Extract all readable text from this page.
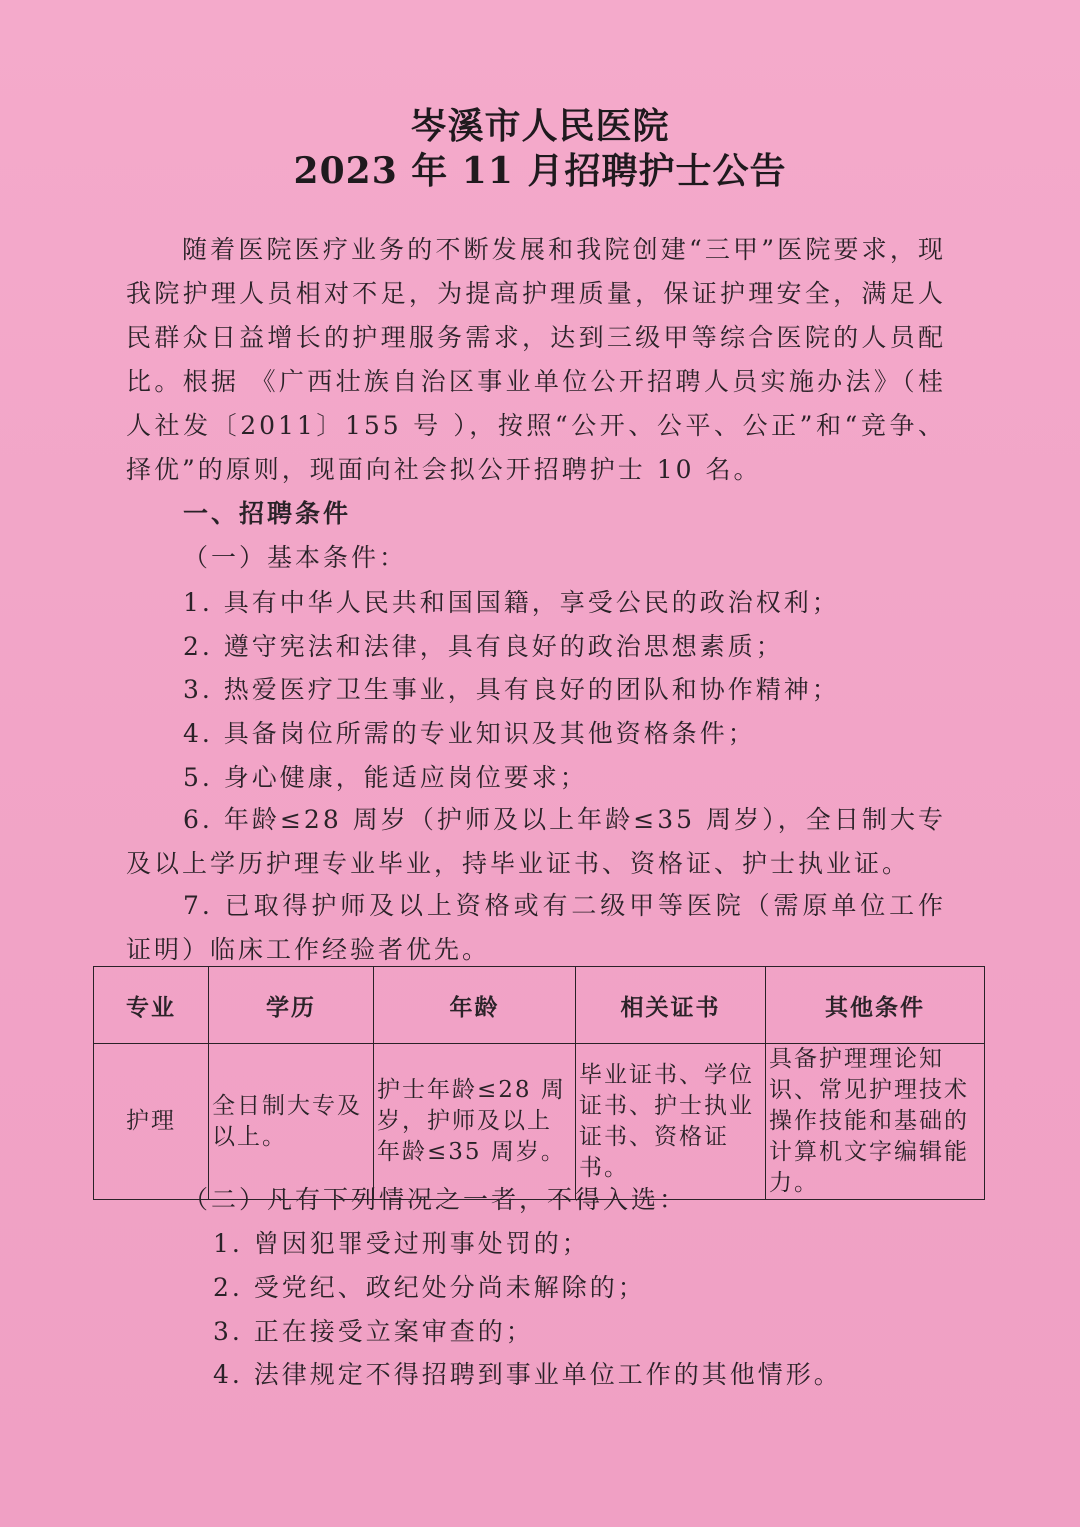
岑溪市人民医院
2023 年 11 月招聘护士公告
随着医院医疗业务的不断发展和我院创建“三甲”医院要求，现我院护理人员相对不足，为提高护理质量，保证护理安全，满足人民群众日益增长的护理服务需求，达到三级甲等综合医院的人员配比。根据 《广西壮族自治区事业单位公开招聘人员实施办法》（桂人社发〔2011〕155 号 ），按照“公开、公平、公正”和“竞争、择优”的原则，现面向社会拟公开招聘护士 10 名。
一、招聘条件
（一）基本条件：
1. 具有中华人民共和国国籍，享受公民的政治权利；
2. 遵守宪法和法律，具有良好的政治思想素质；
3. 热爱医疗卫生事业，具有良好的团队和协作精神；
4. 具备岗位所需的专业知识及其他资格条件；
5. 身心健康，能适应岗位要求；
6. 年龄≤28 周岁（护师及以上年龄≤35 周岁），全日制大专及以上学历护理专业毕业，持毕业证书、资格证、护士执业证。
7. 已取得护师及以上资格或有二级甲等医院（需原单位工作证明）临床工作经验者优先。
专业	学历	年龄	相关证书	其他条件
护理	全日制大专及以上。	护士年龄≤28 周岁，护师及以上年龄≤35 周岁。	毕业证书、学位证书、护士执业证书、资格证书。	具备护理理论知识、常见护理技术操作技能和基础的计算机文字编辑能力。
（二）凡有下列情况之一者，不得入选：
1. 曾因犯罪受过刑事处罚的；
2. 受党纪、政纪处分尚未解除的；
3. 正在接受立案审查的；
4. 法律规定不得招聘到事业单位工作的其他情形。
